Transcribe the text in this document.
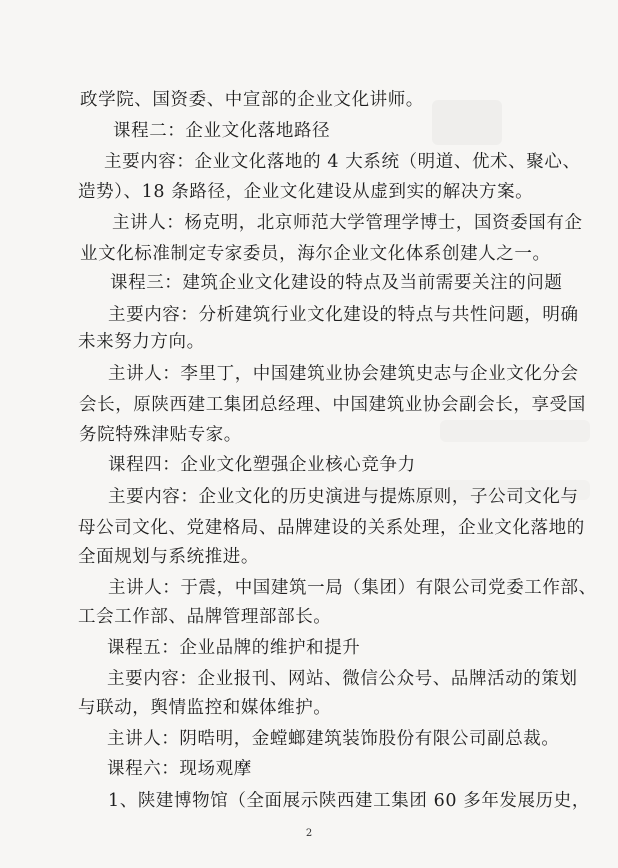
政学院、国资委、中宣部的企业文化讲师。
课程二：企业文化落地路径
主要内容：企业文化落地的 4 大系统（明道、优术、聚心、
造势）、18 条路径，企业文化建设从虚到实的解决方案。
主讲人：杨克明，北京师范大学管理学博士，国资委国有企
业文化标准制定专家委员，海尔企业文化体系创建人之一。
课程三：建筑企业文化建设的特点及当前需要关注的问题
主要内容：分析建筑行业文化建设的特点与共性问题，明确
未来努力方向。
主讲人：李里丁，中国建筑业协会建筑史志与企业文化分会
会长，原陕西建工集团总经理、中国建筑业协会副会长，享受国
务院特殊津贴专家。
课程四：企业文化塑强企业核心竞争力
主要内容：企业文化的历史演进与提炼原则，子公司文化与
母公司文化、党建格局、品牌建设的关系处理，企业文化落地的
全面规划与系统推进。
主讲人：于震，中国建筑一局（集团）有限公司党委工作部、
工会工作部、品牌管理部部长。
课程五：企业品牌的维护和提升
主要内容：企业报刊、网站、微信公众号、品牌活动的策划
与联动，舆情监控和媒体维护。
主讲人：阴晧明，金螳螂建筑装饰股份有限公司副总裁。
课程六：现场观摩
1、陕建博物馆（全面展示陕西建工集团 60 多年发展历史，
2
